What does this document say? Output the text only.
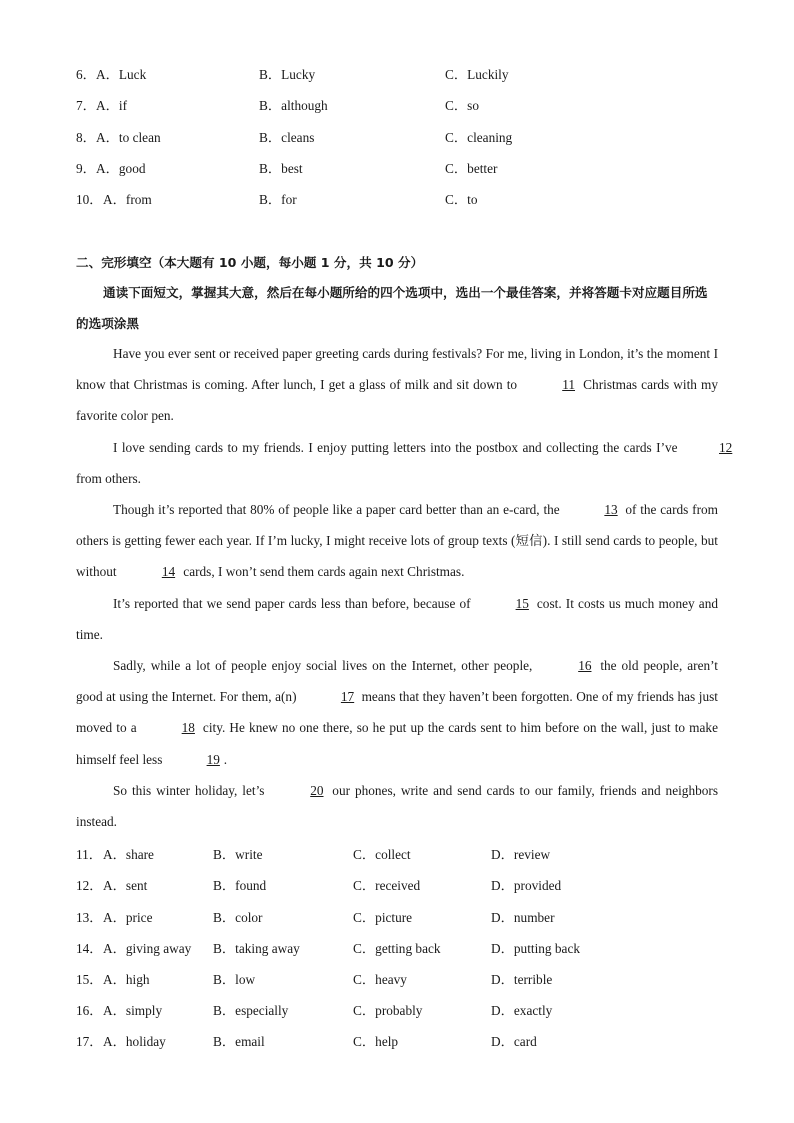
6． A．Luck	B．Lucky	C．Luckily
7． A．if	B．although	C．so
8． A．to clean	B．cleans	C．cleaning
9． A．good	B．best	C．better
10． A．from	B．for	C．to
二、完形填空（本大题有 10 小题，每小题 1 分，共 10 分）
通读下面短文，掌握其大意，然后在每小题所给的四个选项中，选出一个最佳答案，并将答题卡对应题目所选的选项涂黑
Have you ever sent or received paper greeting cards during festivals? For me, living in London, it’s the moment I know that Christmas is coming. After lunch, I get a glass of milk and sit down to	11 Christmas cards with my favorite color pen.
I love sending cards to my friends. I enjoy putting letters into the postbox and collecting the cards I’ve	12 from others.
Though it’s reported that 80% of people like a paper card better than an e-card, the	13 of the cards from others is getting fewer each year. If I’m lucky, I might receive lots of group texts (短信). I still send cards to people, but without	14 cards, I won’t send them cards again next Christmas.
It’s reported that we send paper cards less than before, because of	15 cost. It costs us much money and time.
Sadly, while a lot of people enjoy social lives on the Internet, other people,	16 the old people, aren’t good at using the Internet. For them, a(n)	17 means that they haven’t been forgotten. One of my friends has just moved to a	18 city. He knew no one there, so he put up the cards sent to him before on the wall, just to make himself feel less	19 .
So this winter holiday, let’s	20 our phones, write and send cards to our family, friends and neighbors instead.
11． A．share	B．write	C．collect	D．review
12． A．sent	B．found	C．received	D．provided
13． A．price	B．color	C．picture	D．number
14． A．giving away B．taking away	C．getting back	D．putting back
15． A．high	B．low	C．heavy	D．terrible
16． A．simply	B．especially	C．probably	D．exactly
17． A．holiday	B．email	C．help	D．card
